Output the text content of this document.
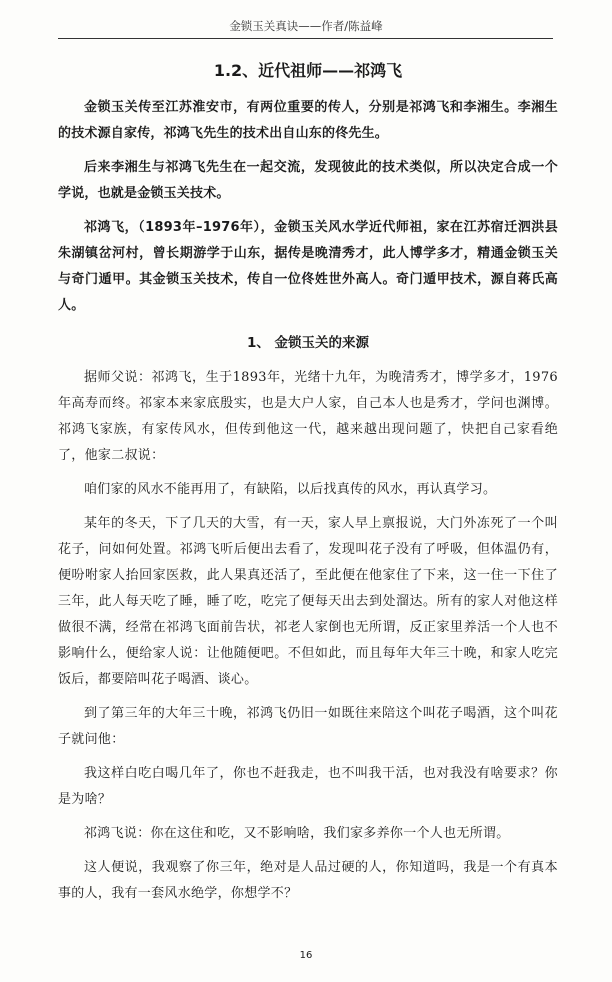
金锁玉关真诀——作者/陈益峰
1.2、近代祖师——祁鸿飞

金锁玉关传至江苏淮安市，有两位重要的传人，分别是祁鸿飞和李湘生。李湘生的技术源自家传，祁鸿飞先生的技术出自山东的佟先生。

后来李湘生与祁鸿飞先生在一起交流，发现彼此的技术类似，所以决定合成一个学说，也就是金锁玉关技术。

祁鸿飞，（1893年–1976年），金锁玉关风水学近代师祖，家在江苏宿迁泗洪县朱湖镇岔河村，曾长期游学于山东，据传是晚清秀才，此人博学多才，精通金锁玉关与奇门遁甲。其金锁玉关技术，传自一位佟姓世外高人。奇门遁甲技术，源自蒋氏高人。

1、 金锁玉关的来源

据师父说：祁鸿飞，生于1893年，光绪十九年，为晚清秀才，博学多才，1976年高寿而终。祁家本来家底殷实，也是大户人家，自己本人也是秀才，学问也渊博。祁鸿飞家族，有家传风水，但传到他这一代，越来越出现问题了，快把自己家看绝了，他家二叔说：

咱们家的风水不能再用了，有缺陷，以后找真传的风水，再认真学习。

某年的冬天，下了几天的大雪，有一天，家人早上禀报说，大门外冻死了一个叫花子，问如何处置。祁鸿飞听后便出去看了，发现叫花子没有了呼吸，但体温仍有，便吩咐家人抬回家医救，此人果真还活了，至此便在他家住了下来，这一住一下住了三年，此人每天吃了睡，睡了吃，吃完了便每天出去到处溜达。所有的家人对他这样做很不满，经常在祁鸿飞面前告状，祁老人家倒也无所谓，反正家里养活一个人也不影响什么，便给家人说：让他随便吧。不但如此，而且每年大年三十晚，和家人吃完饭后，都要陪叫花子喝酒、谈心。

到了第三年的大年三十晚，祁鸿飞仍旧一如既往来陪这个叫花子喝酒，这个叫花子就问他：

我这样白吃白喝几年了，你也不赶我走，也不叫我干活，也对我没有啥要求？你是为啥？

祁鸿飞说：你在这住和吃，又不影响啥，我们家多养你一个人也无所谓。

这人便说，我观察了你三年，绝对是人品过硬的人，你知道吗，我是一个有真本事的人，我有一套风水绝学，你想学不？

16
